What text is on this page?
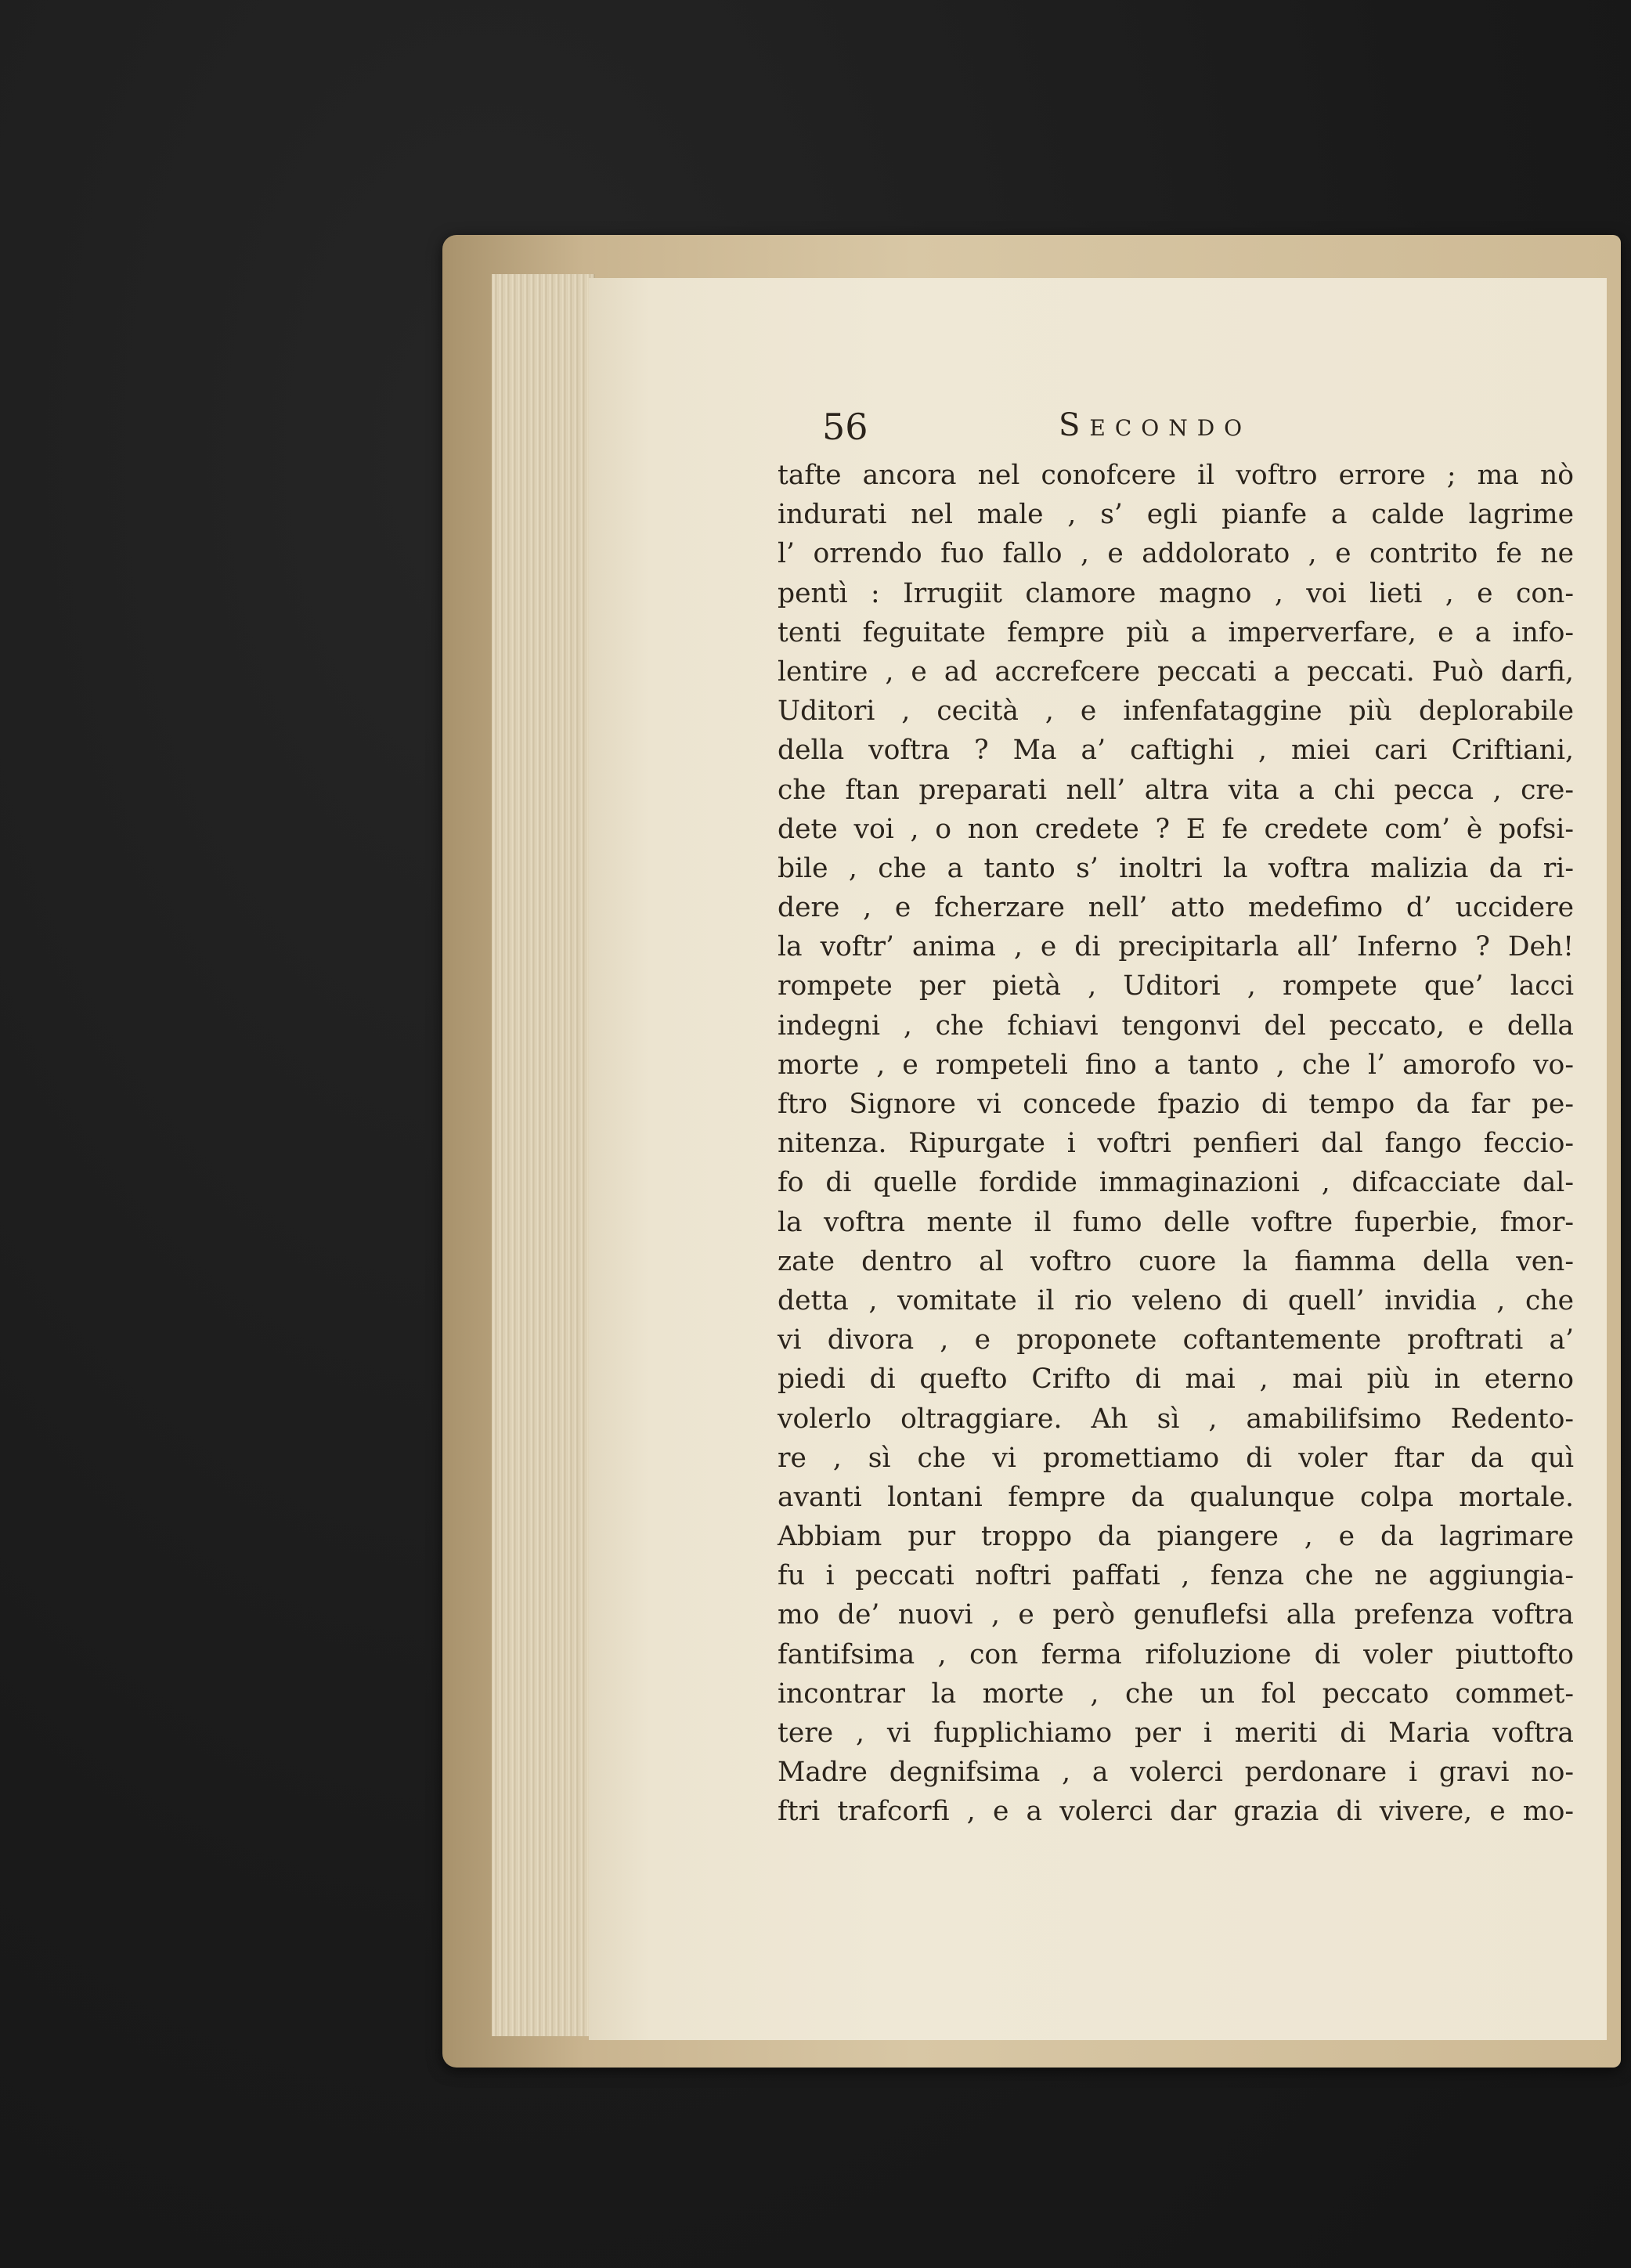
56	Secondo
tafte ancora nel conofcere il voftro errore ; ma nò
indurati nel male , s’ egli pianfe a calde lagrime
l’ orrendo fuo fallo , e addolorato , e contrito fe ne
pentì : Irrugiit clamore magno , voi lieti , e con-
tenti feguitate fempre più a imperverfare, e a info-
lentire , e ad accrefcere peccati a peccati. Può darfi,
Uditori , cecità , e infenfataggine più deplorabile
della voftra ? Ma a’ caftighi , miei cari Criftiani,
che ftan preparati nell’ altra vita a chi pecca , cre-
dete voi , o non credete ? E fe credete com’ è pofsi-
bile , che a tanto s’ inoltri la voftra malizia da ri-
dere , e fcherzare nell’ atto medefimo d’ uccidere
la voftr’ anima , e di precipitarla all’ Inferno ? Deh!
rompete per pietà , Uditori , rompete que’ lacci
indegni , che fchiavi tengonvi del peccato, e della
morte , e rompeteli fino a tanto , che l’ amorofo vo-
ftro Signore vi concede fpazio di tempo da far pe-
nitenza. Ripurgate i voftri penfieri dal fango feccio-
fo di quelle fordide immaginazioni , difcacciate dal-
la voftra mente il fumo delle voftre fuperbie, fmor-
zate dentro al voftro cuore la fiamma della ven-
detta , vomitate il rio veleno di quell’ invidia , che
vi divora , e proponete coftantemente proftrati a’
piedi di quefto Crifto di mai , mai più in eterno
volerlo oltraggiare. Ah sì , amabilifsimo Redento-
re , sì che vi promettiamo di voler ftar da quì
avanti lontani fempre da qualunque colpa mortale.
Abbiam pur troppo da piangere , e da lagrimare
fu i peccati noftri paffati , fenza che ne aggiungia-
mo de’ nuovi , e però genuflefsi alla prefenza voftra
fantifsima , con ferma rifoluzione di voler piuttofto
incontrar la morte , che un fol peccato commet-
tere , vi fupplichiamo per i meriti di Maria voftra
Madre degnifsima , a volerci perdonare i gravi no-
ftri trafcorfi , e a volerci dar grazia di vivere, e mo-
